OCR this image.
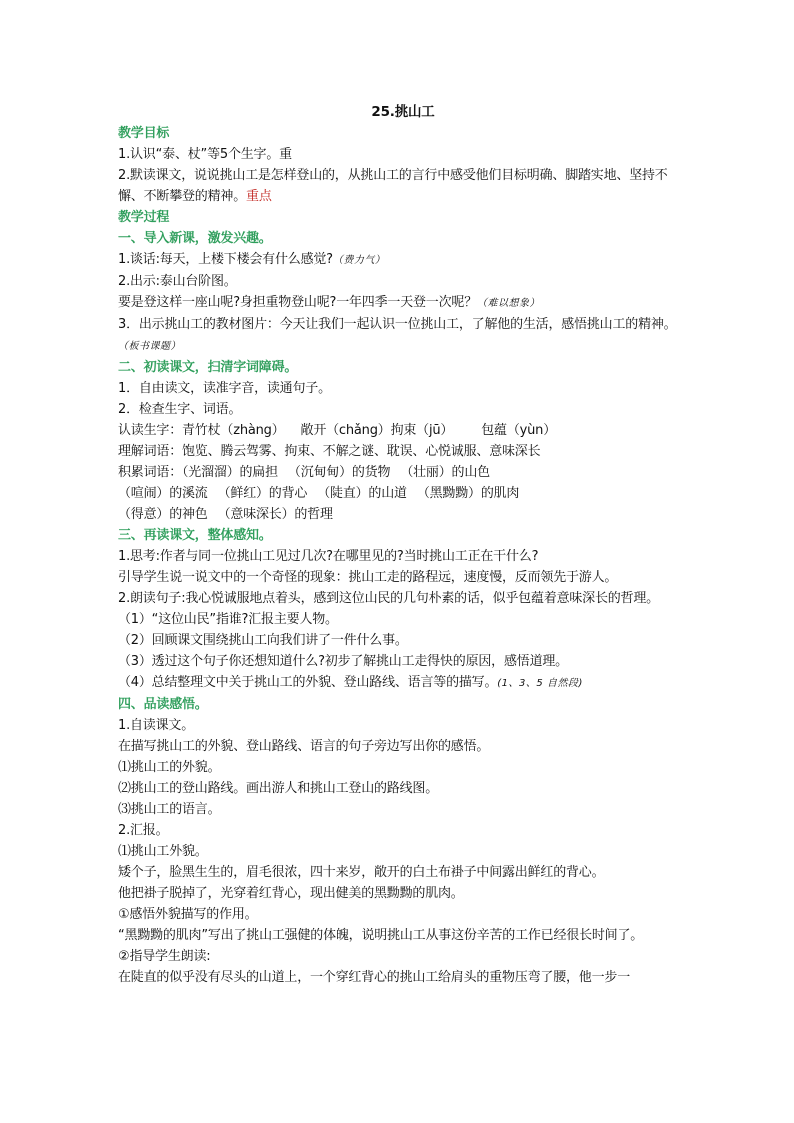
25.挑山工
教学目标
1.认识“泰、杖”等5个生字。重
2.默读课文，说说挑山工是怎样登山的，从挑山工的言行中感受他们目标明确、脚踏实地、坚持不懈、不断攀登的精神。重点
教学过程
一、导入新课，激发兴趣。
1.谈话:每天，上楼下楼会有什么感觉?（费力气）
2.出示:泰山台阶图。
要是登这样一座山呢?身担重物登山呢?一年四季一天登一次呢？（难以想象）
3．出示挑山工的教材图片：今天让我们一起认识一位挑山工，了解他的生活，感悟挑山工的精神。（板书课题）
二、初读课文，扫清字词障碍。
1．自由读文，读准字音，读通句子。
2．检查生字、词语。
认读生字：青竹杖（zhàng） 敞开（chǎng）拘束（jū） 包蕴（yùn）
理解词语：饱览、腾云驾雾、拘束、不解之谜、耽误、心悦诚服、意味深长
积累词语：（光溜溜）的扁担 （沉甸甸）的货物 （壮丽）的山色
（喧闹）的溪流 （鲜红）的背心 （陡直）的山道 （黑黝黝）的肌肉
（得意）的神色 （意味深长）的哲理
三、再读课文，整体感知。
1.思考:作者与同一位挑山工见过几次?在哪里见的?当时挑山工正在干什么?
引导学生说一说文中的一个奇怪的现象：挑山工走的路程远，速度慢，反而领先于游人。
2.朗读句子:我心悦诚服地点着头，感到这位山民的几句朴素的话，似乎包蕴着意味深长的哲理。
（1）“这位山民”指谁?汇报主要人物。
（2）回顾课文围绕挑山工向我们讲了一件什么事。
（3）透过这个句子你还想知道什么?初步了解挑山工走得快的原因，感悟道理。
（4）总结整理文中关于挑山工的外貌、登山路线、语言等的描写。(1、3、5 自然段)
四、品读感悟。
1.自读课文。
在描写挑山工的外貌、登山路线、语言的句子旁边写出你的感悟。
⑴挑山工的外貌。
⑵挑山工的登山路线。画出游人和挑山工登山的路线图。
⑶挑山工的语言。
2.汇报。
⑴挑山工外貌。
矮个子，脸黑生生的，眉毛很浓，四十来岁，敞开的白土布褂子中间露出鲜红的背心。
他把褂子脱掉了，光穿着红背心，现出健美的黑黝黝的肌肉。
①感悟外貌描写的作用。
“黑黝黝的肌肉”写出了挑山工强健的体魄，说明挑山工从事这份辛苦的工作已经很长时间了。
②指导学生朗读:
在陡直的似乎没有尽头的山道上，一个穿红背心的挑山工给肩头的重物压弯了腰，他一步一
